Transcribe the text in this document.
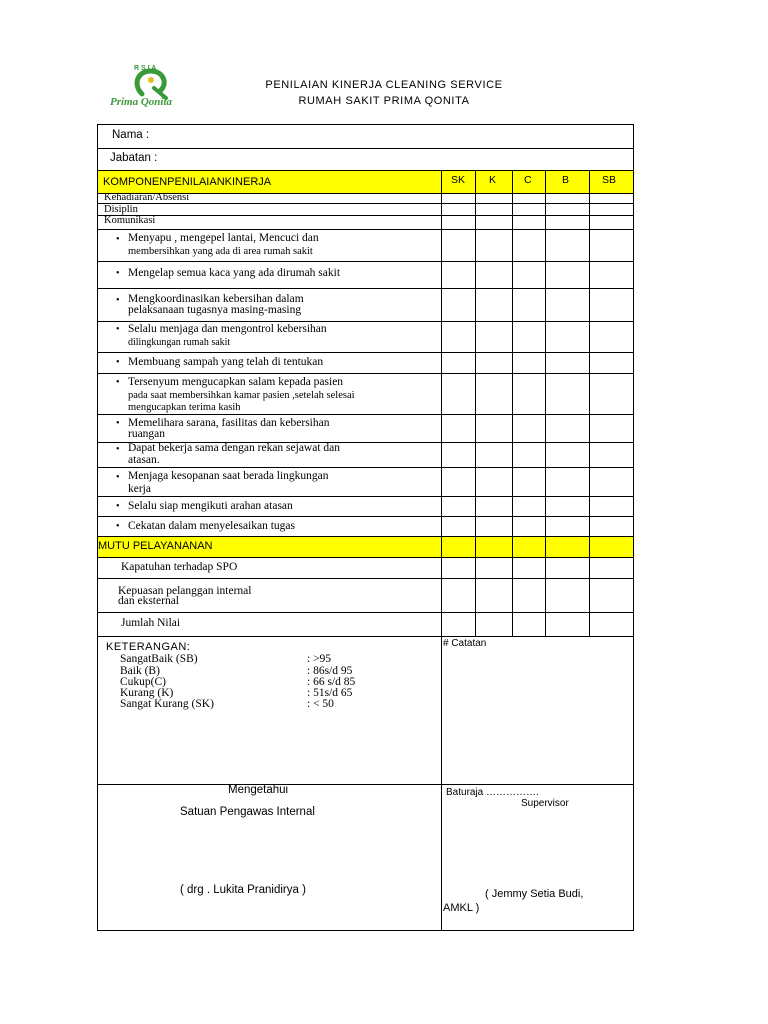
R S I A
Prima Qonita
PENILAIAN KINERJA CLEANING SERVICE
RUMAH SAKIT PRIMA QONITA
Nama :
Jabatan :
KOMPONENPENILAIANKINERJA	SK K	C	B	SB
Kehadiaran/Absensi
Disiplin
Komunikasi
• Menyapu , mengepel lantai, Mencuci dan
membersihkan yang ada di area rumah sakit
• Mengelap semua kaca yang ada dirumah sakit
• Mengkoordinasikan kebersihan dalam
pelaksanaan tugasnya masing-masing
• Selalu menjaga dan mengontrol kebersihan
dilingkungan rumah sakit
• Membuang sampah yang telah di tentukan
• Tersenyum mengucapkan salam kepada pasien
pada saat membersihkan kamar pasien ,setelah selesai
mengucapkan terima kasih
• Memelihara sarana, fasilitas dan kebersihan
ruangan
• Dapat bekerja sama dengan rekan sejawat dan
atasan.
• Menjaga kesopanan saat berada lingkungan
kerja
• Selalu siap mengikuti arahan atasan
• Cekatan dalam menyelesaikan tugas
MUTU PELAYANANAN
Kapatuhan terhadap SPO
Kepuasan pelanggan internal
dan eksternal
Jumlah Nilai
KETERANGAN:
SangatBaik (SB)	: >95
Baik (B)	: 86s/d 95
Cukup(C)	: 66 s/d 85
Kurang (K)	: 51s/d 65
Sangat Kurang (SK)	: < 50
# Catatan
Mengetahui
Satuan Pengawas Internal
( drg . Lukita Pranidirya )
Baturaja …………….
Supervisor
( Jemmy Setia Budi,
AMKL )
